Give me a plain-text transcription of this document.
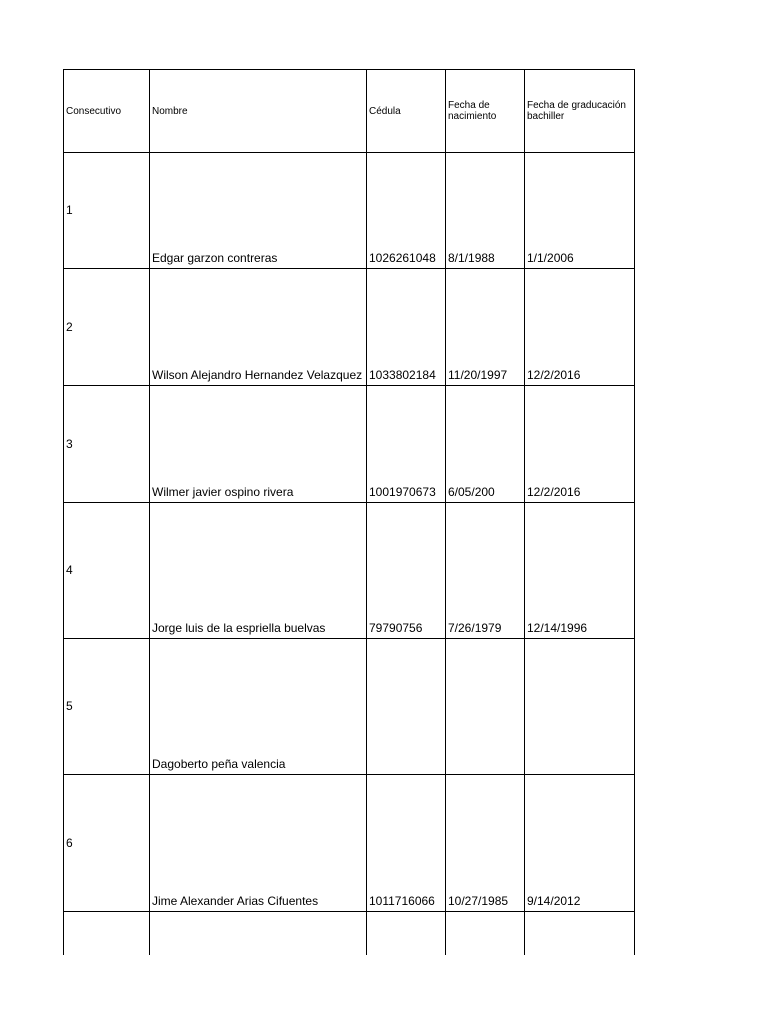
Consecutivo	Nombre	Cédula	Fecha de nacimiento	Fecha de graducación bachiller
1	Edgar garzon contreras	1026261048	8/1/1988	1/1/2006
2	Wilson Alejandro Hernandez Velazquez	1033802184	11/20/1997	12/2/2016
3	Wilmer javier ospino rivera	1001970673	6/05/200	12/2/2016
4	Jorge luis de la espriella buelvas	79790756	7/26/1979	12/14/1996
5	Dagoberto peña valencia			
6	Jime Alexander Arias Cifuentes	1011716066	10/27/1985	9/14/2012
